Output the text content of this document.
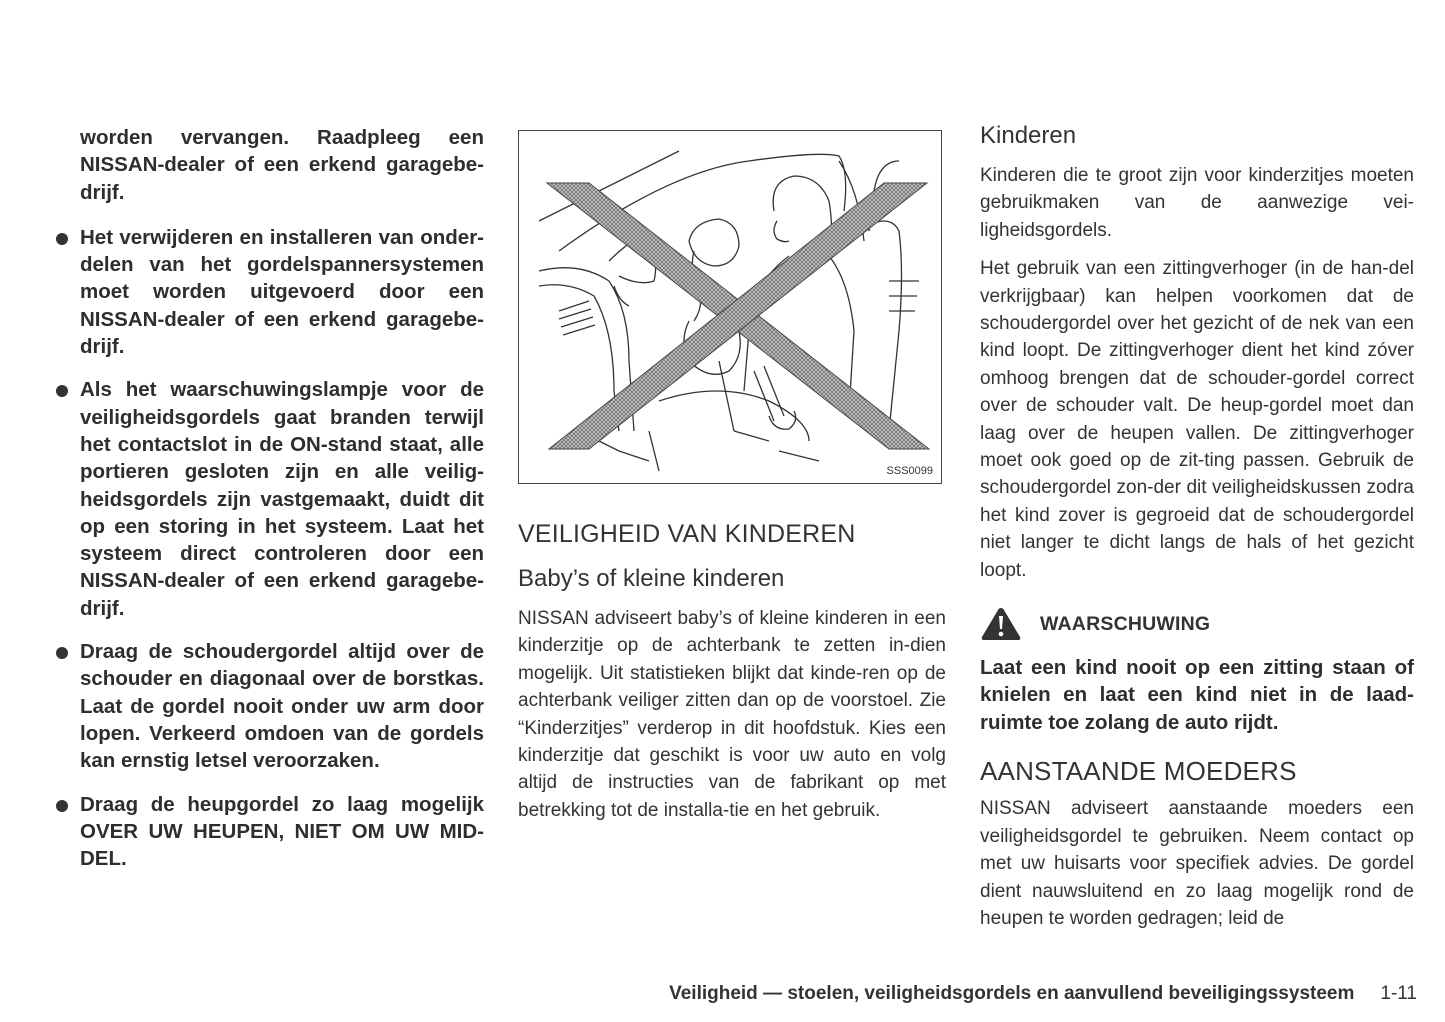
worden vervangen. Raadpleeg een NISSAN-dealer of een erkend garagebe-drijf.
Het verwijderen en installeren van onder-delen van het gordelspannersystemen moet worden uitgevoerd door een NISSAN-dealer of een erkend garagebe-drijf.
Als het waarschuwingslampje voor de veiligheidsgordels gaat branden terwijl het contactslot in de ON-stand staat, alle portieren gesloten zijn en alle veilig-heidsgordels zijn vastgemaakt, duidt dit op een storing in het systeem. Laat het systeem direct controleren door een NISSAN-dealer of een erkend garagebe-drijf.
Draag de schoudergordel altijd over de schouder en diagonaal over de borstkas. Laat de gordel nooit onder uw arm door lopen. Verkeerd omdoen van de gordels kan ernstig letsel veroorzaken.
Draag de heupgordel zo laag mogelijk OVER UW HEUPEN, NIET OM UW MID-DEL.
SSS0099
VEILIGHEID VAN KINDEREN
Baby’s of kleine kinderen

NISSAN adviseert baby’s of kleine kinderen in een kinderzitje op de achterbank te zetten in-dien mogelijk. Uit statistieken blijkt dat kinde-ren op de achterbank veiliger zitten dan op de voorstoel. Zie “Kinderzitjes” verderop in dit hoofdstuk. Kies een kinderzitje dat geschikt is voor uw auto en volg altijd de instructies van de fabrikant op met betrekking tot de installa-tie en het gebruik.

Kinderen

Kinderen die te groot zijn voor kinderzitjes moeten gebruikmaken van de aanwezige vei-ligheidsgordels.

Het gebruik van een zittingverhoger (in de han-del verkrijgbaar) kan helpen voorkomen dat de schoudergordel over het gezicht of de nek van een kind loopt. De zittingverhoger dient het kind zóver omhoog brengen dat de schouder-gordel correct over de schouder valt. De heup-gordel moet dan laag over de heupen vallen. De zittingverhoger moet ook goed op de zit-ting passen. Gebruik de schoudergordel zon-der dit veiligheidskussen zodra het kind zover is gegroeid dat de schoudergordel niet langer te dicht langs de hals of het gezicht loopt.

WAARSCHUWING

Laat een kind nooit op een zitting staan of knielen en laat een kind niet in de laad-ruimte toe zolang de auto rijdt.

AANSTAANDE MOEDERS

NISSAN adviseert aanstaande moeders een veiligheidsgordel te gebruiken. Neem contact op met uw huisarts voor specifiek advies. De gordel dient nauwsluitend en zo laag mogelijk rond de heupen te worden gedragen; leid de

Veiligheid — stoelen, veiligheidsgordels en aanvullend beveiligingssysteem 1-11
